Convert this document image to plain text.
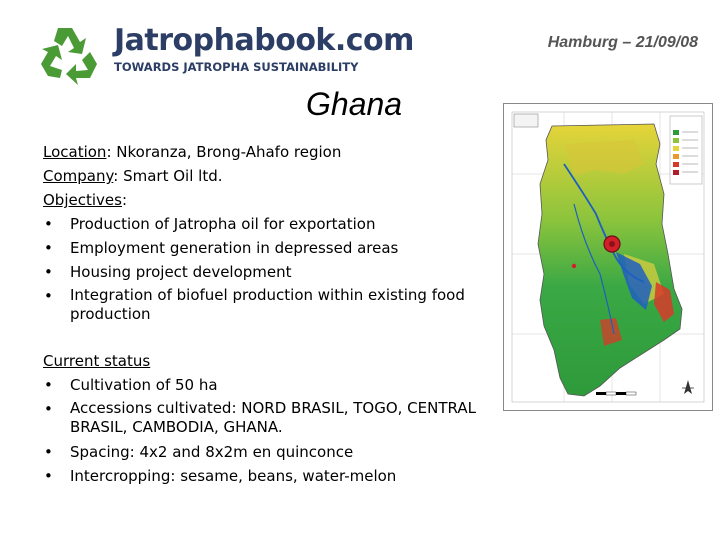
Jatrophabook.com
TOWARDS JATROPHA SUSTAINABILITY
Hamburg – 21/09/08
Ghana
Location: Nkoranza, Brong-Ahafo region
Company: Smart Oil ltd.
Objectives:
• Production of Jatropha oil for exportation
• Employment generation in depressed areas
• Housing project development
• Integration of biofuel production within existing food production
Current status
• Cultivation of 50 ha
• Accessions cultivated: NORD BRASIL, TOGO, CENTRAL BRASIL, CAMBODIA, GHANA.
• Spacing: 4x2 and 8x2m en quinconce
• Intercropping: sesame, beans, water-melon
